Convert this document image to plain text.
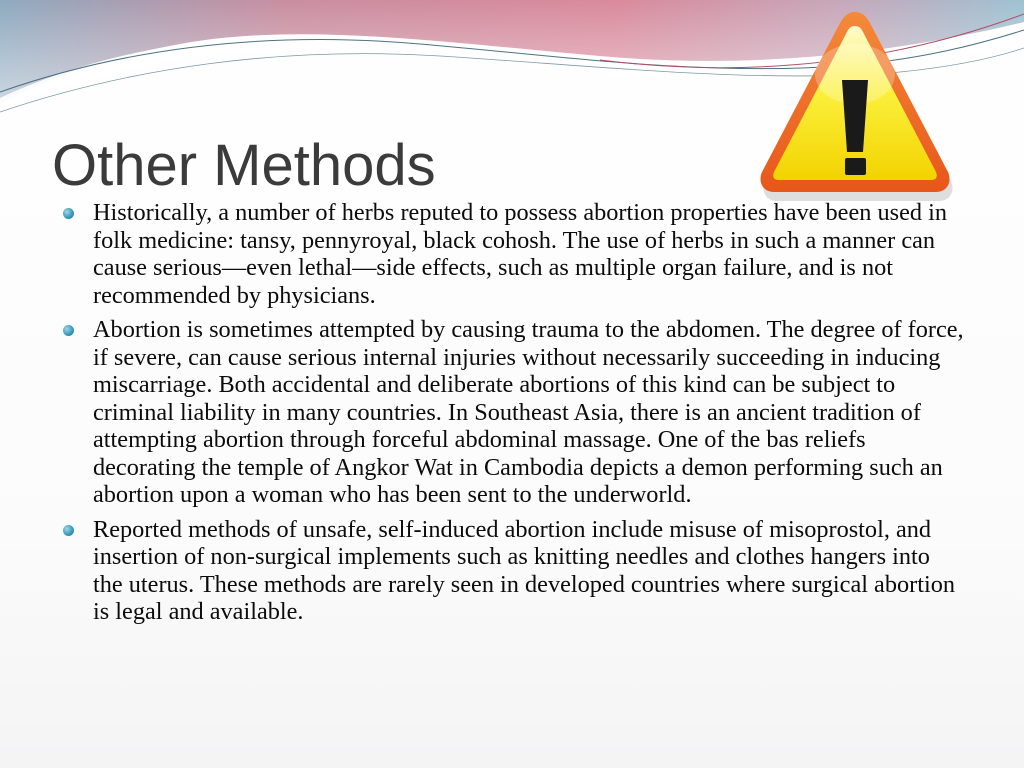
Other Methods
Historically, a number of herbs reputed to possess abortion properties have been used in folk medicine: tansy, pennyroyal, black cohosh. The use of herbs in such a manner can cause serious—even lethal—side effects, such as multiple organ failure, and is not recommended by physicians.
Abortion is sometimes attempted by causing trauma to the abdomen. The degree of force, if severe, can cause serious internal injuries without necessarily succeeding in inducing miscarriage. Both accidental and deliberate abortions of this kind can be subject to criminal liability in many countries. In Southeast Asia, there is an ancient tradition of attempting abortion through forceful abdominal massage. One of the bas reliefs decorating the temple of Angkor Wat in Cambodia depicts a demon performing such an abortion upon a woman who has been sent to the underworld.
Reported methods of unsafe, self-induced abortion include misuse of misoprostol, and insertion of non-surgical implements such as knitting needles and clothes hangers into the uterus. These methods are rarely seen in developed countries where surgical abortion is legal and available.
